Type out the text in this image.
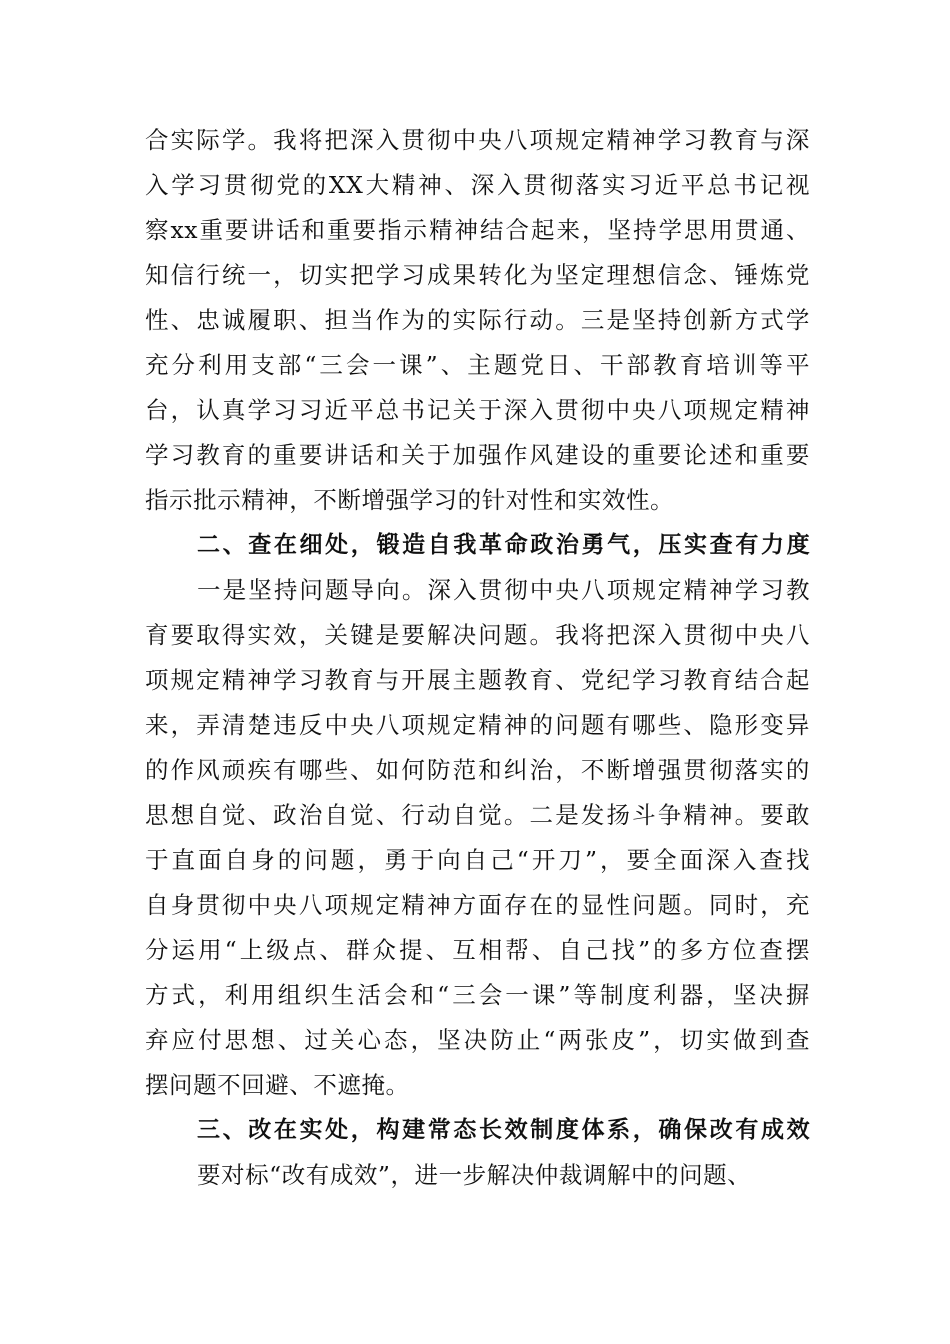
合实际学。我将把深入贯彻中央八项规定精神学习教育与深
入学习贯彻党的XX大精神、深入贯彻落实习近平总书记视
察xx重要讲话和重要指示精神结合起来，坚持学思用贯通、
知信行统一，切实把学习成果转化为坚定理想信念、锤炼党
性、忠诚履职、担当作为的实际行动。三是坚持创新方式学
充分利用支部“三会一课”、主题党日、干部教育培训等平
台，认真学习习近平总书记关于深入贯彻中央八项规定精神
学习教育的重要讲话和关于加强作风建设的重要论述和重要
指示批示精神，不断增强学习的针对性和实效性。
二、查在细处，锻造自我革命政治勇气，压实查有力度
一是坚持问题导向。深入贯彻中央八项规定精神学习教
育要取得实效，关键是要解决问题。我将把深入贯彻中央八
项规定精神学习教育与开展主题教育、党纪学习教育结合起
来，弄清楚违反中央八项规定精神的问题有哪些、隐形变异
的作风顽疾有哪些、如何防范和纠治，不断增强贯彻落实的
思想自觉、政治自觉、行动自觉。二是发扬斗争精神。要敢
于直面自身的问题，勇于向自己“开刀”，要全面深入查找
自身贯彻中央八项规定精神方面存在的显性问题。同时，充
分运用“上级点、群众提、互相帮、自己找”的多方位查摆
方式，利用组织生活会和“三会一课”等制度利器，坚决摒
弃应付思想、过关心态，坚决防止“两张皮”，切实做到查
摆问题不回避、不遮掩。
三、改在实处，构建常态长效制度体系，确保改有成效
要对标“改有成效”，进一步解决仲裁调解中的问题、
